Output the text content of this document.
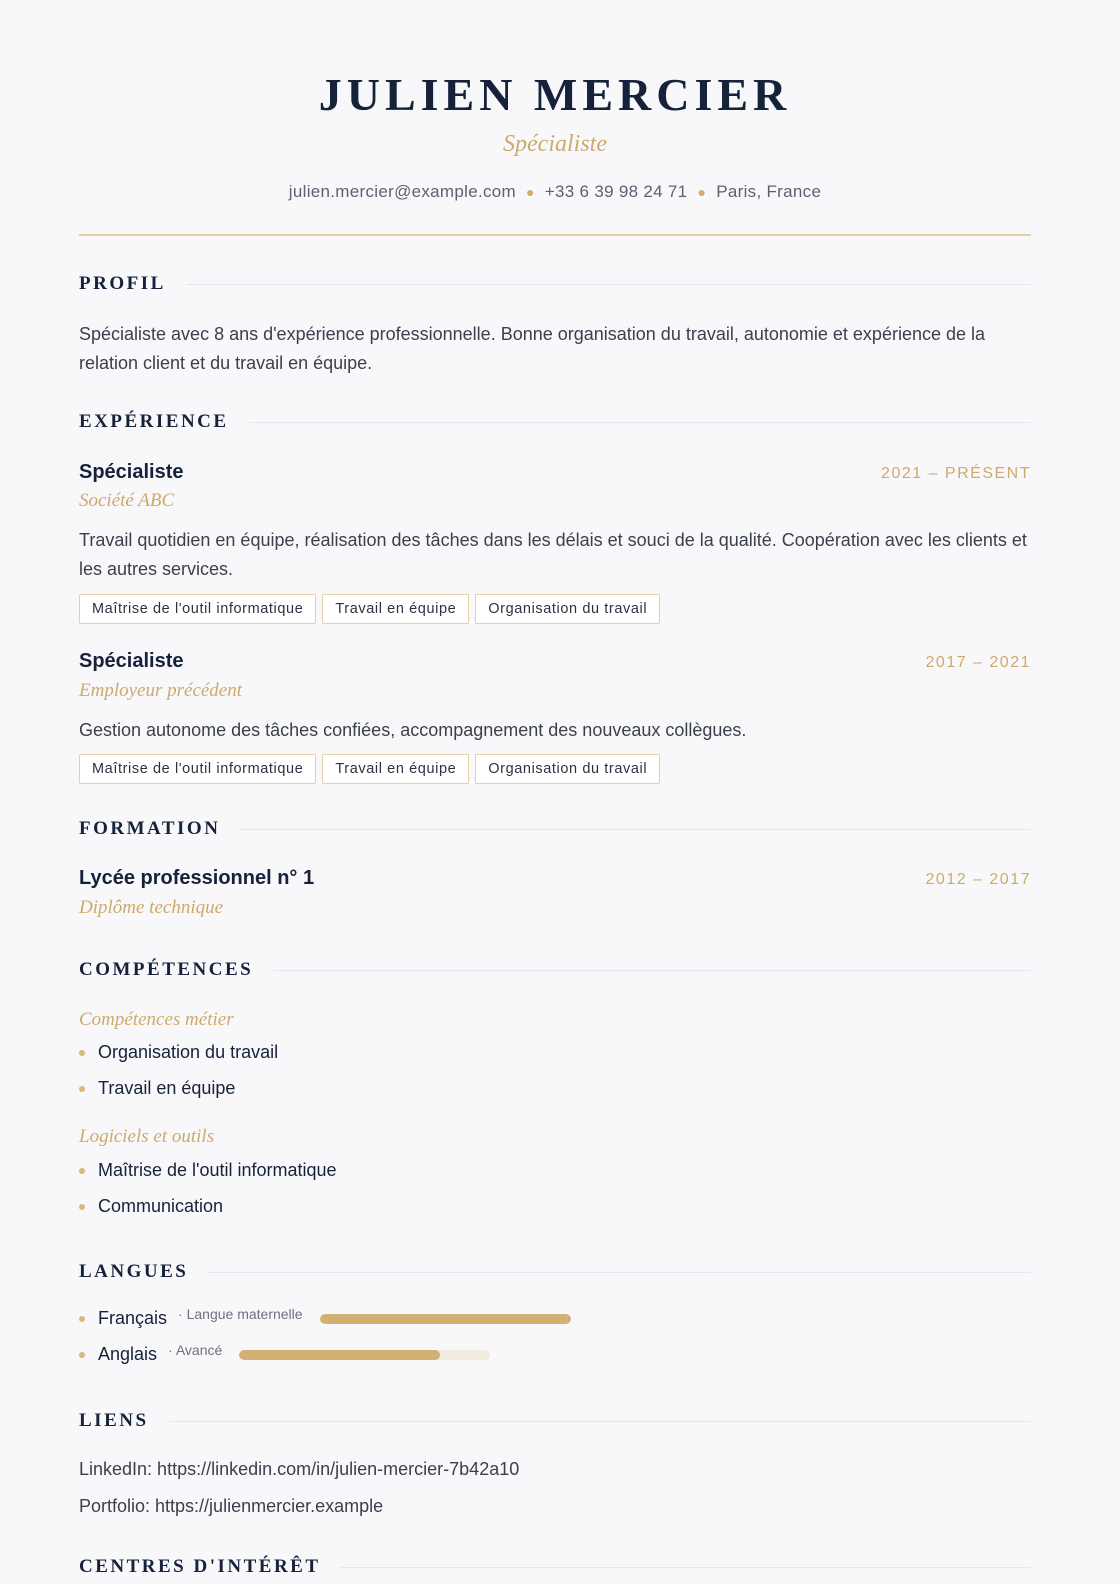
JULIEN MERCIER
Spécialiste
julien.mercier@example.com ● +33 6 39 98 24 71 ● Paris, France
PROFIL
Spécialiste avec 8 ans d'expérience professionnelle. Bonne organisation du travail, autonomie et expérience de la relation client et du travail en équipe.
EXPÉRIENCE
Spécialiste	2021 – PRÉSENT
Société ABC
Travail quotidien en équipe, réalisation des tâches dans les délais et souci de la qualité. Coopération avec les clients et les autres services.
Maîtrise de l'outil informatique	Travail en équipe	Organisation du travail
Spécialiste	2017 – 2021
Employeur précédent
Gestion autonome des tâches confiées, accompagnement des nouveaux collègues.
Maîtrise de l'outil informatique	Travail en équipe	Organisation du travail
FORMATION
Lycée professionnel n° 1	2012 – 2017
Diplôme technique
COMPÉTENCES
Compétences métier
Organisation du travail
Travail en équipe
Logiciels et outils
Maîtrise de l'outil informatique
Communication
LANGUES
Français · Langue maternelle
Anglais · Avancé
LIENS
LinkedIn: https://linkedin.com/in/julien-mercier-7b42a10
Portfolio: https://julienmercier.example
CENTRES D'INTÉRÊT
